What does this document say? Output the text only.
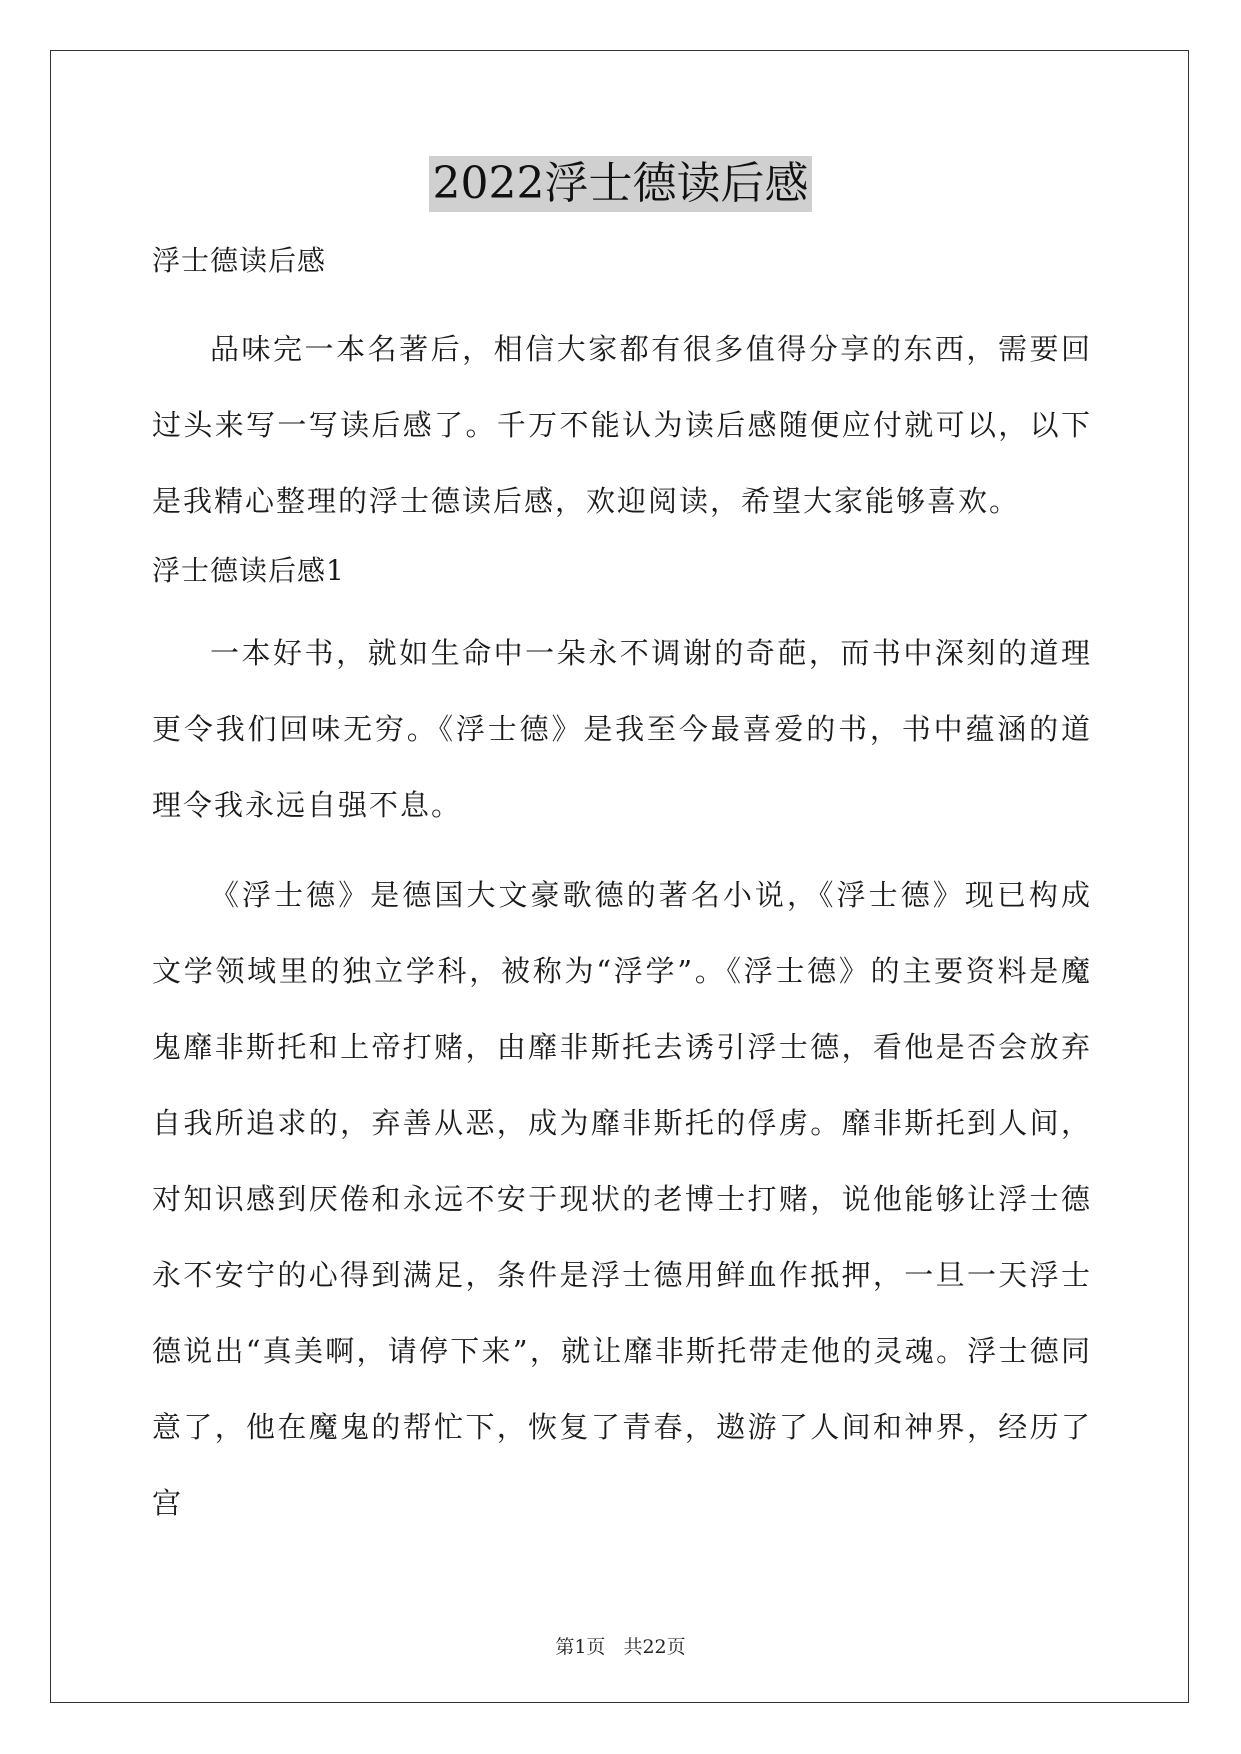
2022浮士德读后感
浮士德读后感

品味完一本名著后，相信大家都有很多值得分享的东西，需要回过头来写一写读后感了。千万不能认为读后感随便应付就可以，以下是我精心整理的浮士德读后感，欢迎阅读，希望大家能够喜欢。

浮士德读后感1

一本好书，就如生命中一朵永不调谢的奇葩，而书中深刻的道理更令我们回味无穷。《浮士德》是我至今最喜爱的书，书中蕴涵的道理令我永远自强不息。

《浮士德》是德国大文豪歌德的著名小说，《浮士德》现已构成文学领域里的独立学科，被称为“浮学”。《浮士德》的主要资料是魔鬼靡非斯托和上帝打赌，由靡非斯托去诱引浮士德，看他是否会放弃自我所追求的，弃善从恶，成为靡非斯托的俘虏。靡非斯托到人间，对知识感到厌倦和永远不安于现状的老博士打赌，说他能够让浮士德永不安宁的心得到满足，条件是浮士德用鲜血作抵押，一旦一天浮士德说出“真美啊，请停下来”，就让靡非斯托带走他的灵魂。浮士德同意了，他在魔鬼的帮忙下，恢复了青春，遨游了人间和神界，经历了宫

第1页 共22页
